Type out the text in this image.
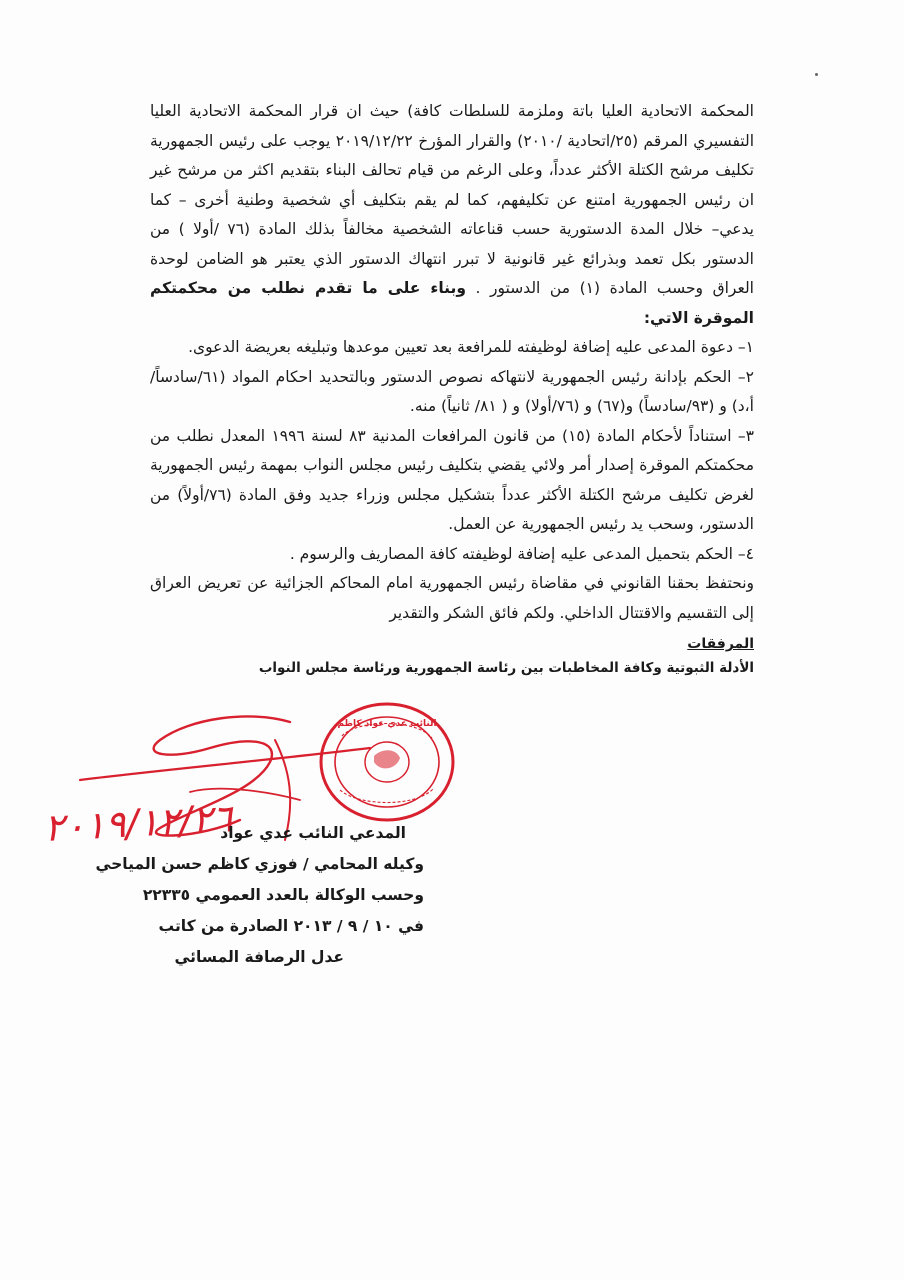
المحكمة الاتحادية العليا باتة وملزمة للسلطات كافة) حيث ان قرار المحكمة الاتحادية العليا التفسيري المرقم (٢٥/اتحادية /٢٠١٠) والقرار المؤرخ ٢٠١٩/١٢/٢٢ يوجب على رئيس الجمهورية تكليف مرشح الكتلة الأكثر عدداً، وعلى الرغم من قيام تحالف البناء بتقديم اكثر من مرشح غير ان رئيس الجمهورية امتنع عن تكليفهم، كما لم يقم بتكليف أي شخصية وطنية أخرى – كما يدعي– خلال المدة الدستورية حسب قناعاته الشخصية مخالفاً بذلك المادة (٧٦ /أولا ) من الدستور بكل تعمد وبذرائع غير قانونية لا تبرر انتهاك الدستور الذي يعتبر هو الضامن لوحدة العراق وحسب المادة (١) من الدستور . وبناء على ما تقدم نطلب من محكمتكم الموقرة الاتي:

١– دعوة المدعى عليه إضافة لوظيفته للمرافعة بعد تعيين موعدها وتبليغه بعريضة الدعوى.

٢– الحكم بإدانة رئيس الجمهورية لانتهاكه نصوص الدستور وبالتحديد احكام المواد (٦١/سادساً/أ،د) و (٩٣/سادساً) و(٦٧) و (٧٦/أولا) و ( ٨١/ ثانياً) منه.

٣– استناداً لأحكام المادة (١٥) من قانون المرافعات المدنية ٨٣ لسنة ١٩٩٦ المعدل نطلب من محكمتكم الموقرة إصدار أمر ولائي يقضي بتكليف رئيس مجلس النواب بمهمة رئيس الجمهورية لغرض تكليف مرشح الكتلة الأكثر عدداً بتشكيل مجلس وزراء جديد وفق المادة (٧٦/أولاً) من الدستور، وسحب يد رئيس الجمهورية عن العمل.

٤– الحكم بتحميل المدعى عليه إضافة لوظيفته كافة المصاريف والرسوم .

ونحتفظ بحقنا القانوني في مقاضاة رئيس الجمهورية امام المحاكم الجزائية عن تعريض العراق إلى التقسيم والاقتتال الداخلي. ولكم فائق الشكر والتقدير

المرفقات

الأدلة الثبوتية وكافة المخاطبات بين رئاسة الجمهورية ورئاسة مجلس النواب

٢٠١٩/١٢/٢٦
النائب عدي عواد كاظم
المدعي النائب عدي عواد
وكيله المحامي / فوزي كاظم حسن المياحي
وحسب الوكالة بالعدد العمومي ٢٢٣٣٥
في ١٠ / ٩ / ٢٠١٣ الصادرة من كاتب
عدل الرصافة المسائي
